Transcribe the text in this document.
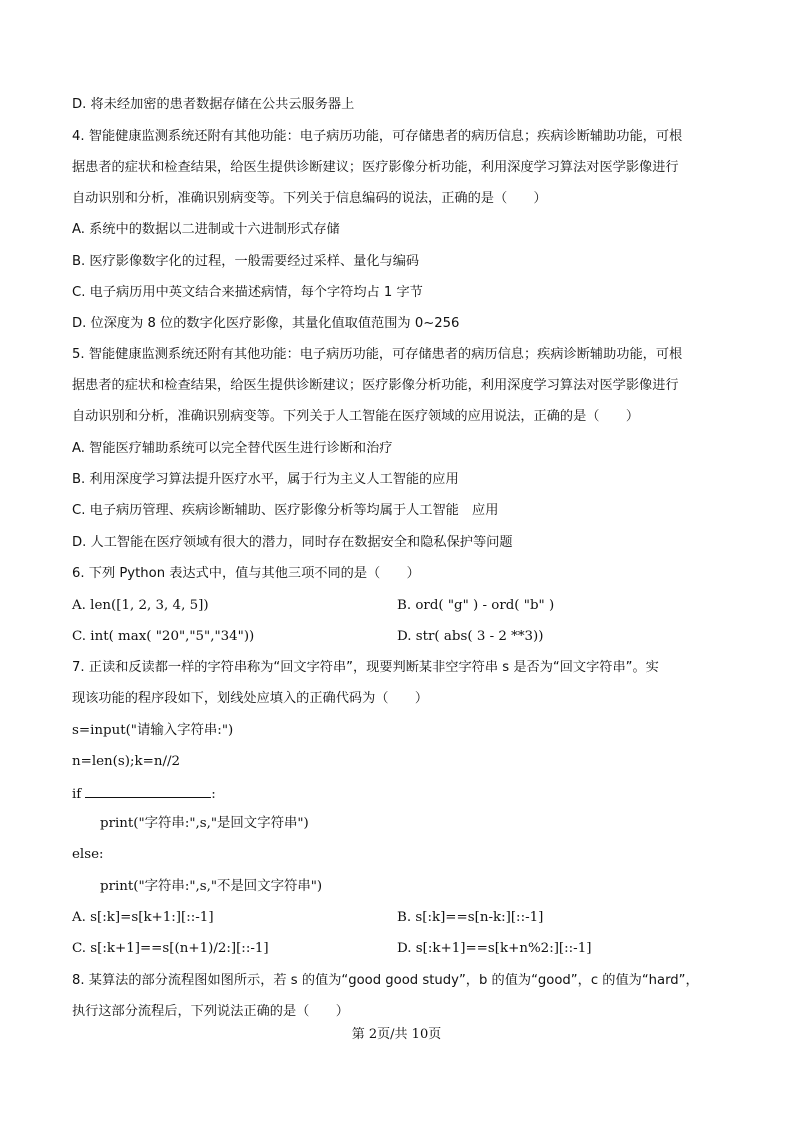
D. 将未经加密的患者数据存储在公共云服务器上
4. 智能健康监测系统还附有其他功能：电子病历功能，可存储患者的病历信息；疾病诊断辅助功能，可根
据患者的症状和检查结果，给医生提供诊断建议；医疗影像分析功能，利用深度学习算法对医学影像进行
自动识别和分析，准确识别病变等。下列关于信息编码的说法，正确的是（　　）
A. 系统中的数据以二进制或十六进制形式存储
B. 医疗影像数字化的过程，一般需要经过采样、量化与编码
C. 电子病历用中英文结合来描述病情，每个字符均占 1 字节
D. 位深度为 8 位的数字化医疗影像，其量化值取值范围为 0~256
5. 智能健康监测系统还附有其他功能：电子病历功能，可存储患者的病历信息；疾病诊断辅助功能，可根
据患者的症状和检查结果，给医生提供诊断建议；医疗影像分析功能，利用深度学习算法对医学影像进行
自动识别和分析，准确识别病变等。下列关于人工智能在医疗领域的应用说法，正确的是（　　）
A. 智能医疗辅助系统可以完全替代医生进行诊断和治疗
B. 利用深度学习算法提升医疗水平，属于行为主义人工智能的应用
C. 电子病历管理、疾病诊断辅助、医疗影像分析等均属于人工智能　应用
D. 人工智能在医疗领域有很大的潜力，同时存在数据安全和隐私保护等问题
6. 下列 Python 表达式中，值与其他三项不同的是（　　）
A. len([1, 2, 3, 4, 5])	B. ord( "g" ) - ord( "b" )
C. int( max( "20","5","34"))	D. str( abs( 3 - 2 **3))
7. 正读和反读都一样的字符串称为“回文字符串”，现要判断某非空字符串 s 是否为“回文字符串”。实
现该功能的程序段如下，划线处应填入的正确代码为（　　）
s=input("请输入字符串:")
n=len(s);k=n//2
if	:
print("字符串:",s,"是回文字符串")
else:
print("字符串:",s,"不是回文字符串")
A. s[:k]=s[k+1:][::-1]	B. s[:k]==s[n-k:][::-1]
C. s[:k+1]==s[(n+1)/2:][::-1]	D. s[:k+1]==s[k+n%2:][::-1]
8. 某算法的部分流程图如图所示，若 s 的值为“good good study”，b 的值为“good”，c 的值为“hard”，
执行这部分流程后，下列说法正确的是（　　）
第 2页/共 10页
